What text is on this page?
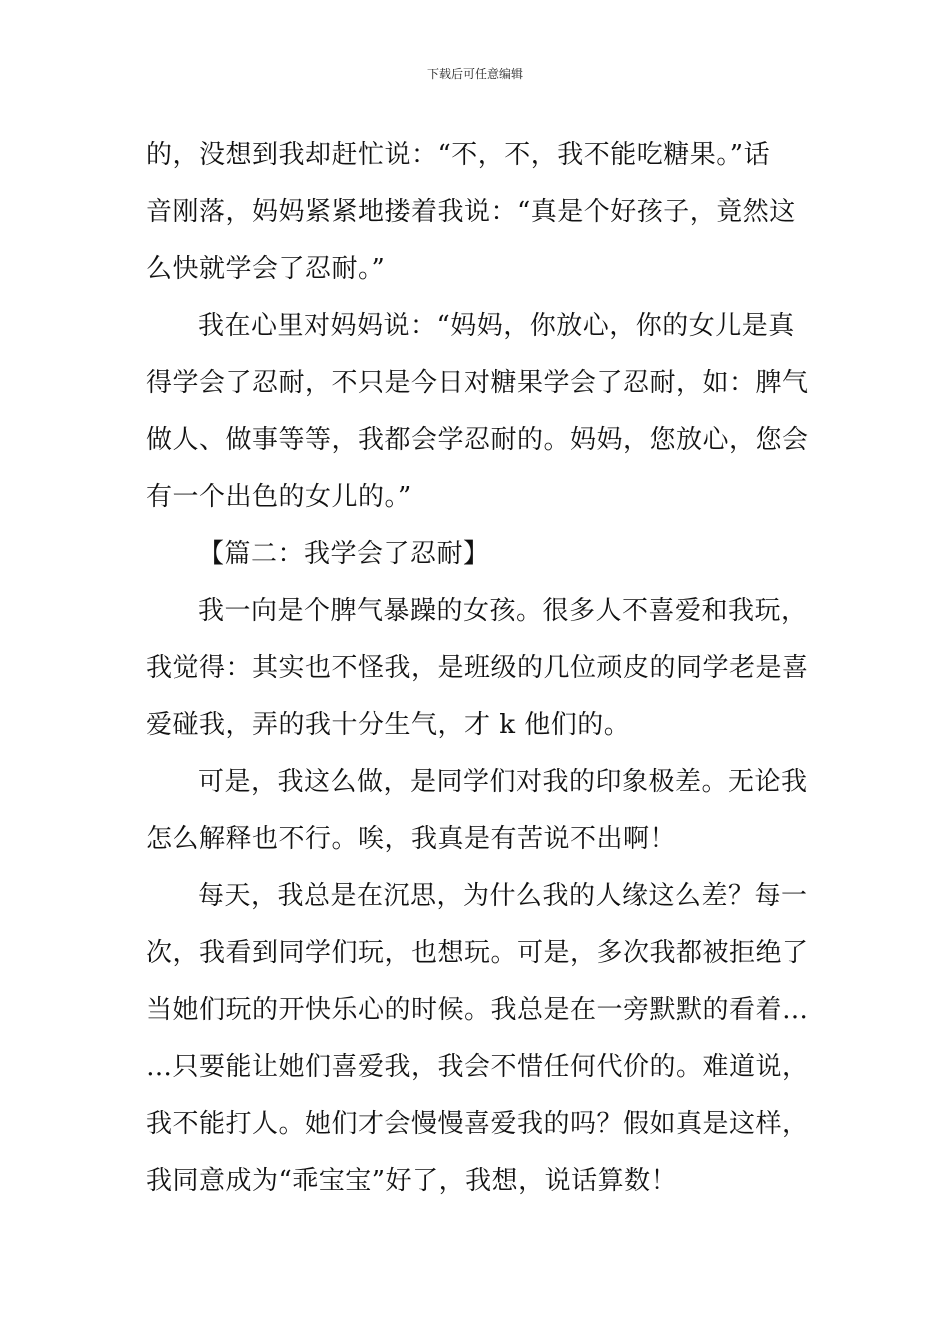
下载后可任意编辑
的，没想到我却赶忙说：“不，不，我不能吃糖果。”话
音刚落，妈妈紧紧地搂着我说：“真是个好孩子，竟然这
么快就学会了忍耐。”
我在心里对妈妈说：“妈妈，你放心，你的女儿是真
得学会了忍耐，不只是今日对糖果学会了忍耐，如：脾气
做人、做事等等，我都会学忍耐的。妈妈，您放心，您会
有一个出色的女儿的。”
【篇二：我学会了忍耐】
我一向是个脾气暴躁的女孩。很多人不喜爱和我玩，
我觉得：其实也不怪我，是班级的几位顽皮的同学老是喜
爱碰我，弄的我十分生气，才 k 他们的。
可是，我这么做，是同学们对我的印象极差。无论我
怎么解释也不行。唉，我真是有苦说不出啊！
每天，我总是在沉思，为什么我的人缘这么差？每一
次，我看到同学们玩，也想玩。可是，多次我都被拒绝了
当她们玩的开快乐心的时候。我总是在一旁默默的看着…
…只要能让她们喜爱我，我会不惜任何代价的。难道说，
我不能打人。她们才会慢慢喜爱我的吗？假如真是这样，
我同意成为“乖宝宝”好了，我想，说话算数！
